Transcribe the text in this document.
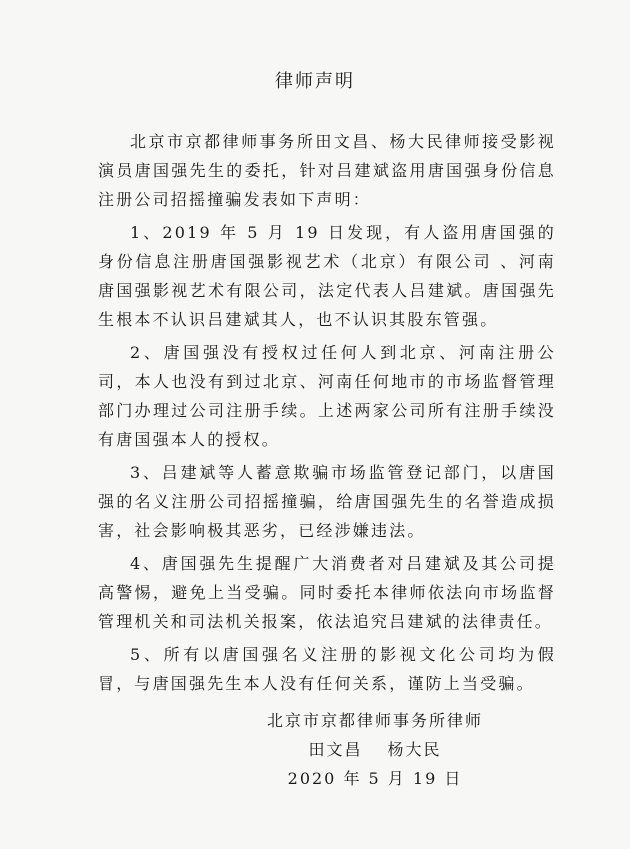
律师声明

北京市京都律师事务所田文昌、杨大民律师接受影视演员唐国强先生的委托，针对吕建斌盗用唐国强身份信息注册公司招摇撞骗发表如下声明：

1、2019 年 5 月 19 日发现，有人盗用唐国强的身份信息注册唐国强影视艺术（北京）有限公司 、河南唐国强影视艺术有限公司，法定代表人吕建斌。唐国强先生根本不认识吕建斌其人，也不认识其股东管强。

2、唐国强没有授权过任何人到北京、河南注册公司，本人也没有到过北京、河南任何地市的市场监督管理部门办理过公司注册手续。上述两家公司所有注册手续没有唐国强本人的授权。

3、吕建斌等人蓄意欺骗市场监管登记部门，以唐国强的名义注册公司招摇撞骗，给唐国强先生的名誉造成损害，社会影响极其恶劣，已经涉嫌违法。

4、唐国强先生提醒广大消费者对吕建斌及其公司提高警惕，避免上当受骗。同时委托本律师依法向市场监督管理机关和司法机关报案，依法追究吕建斌的法律责任。

5、所有以唐国强名义注册的影视文化公司均为假冒，与唐国强先生本人没有任何关系，谨防上当受骗。

北京市京都律师事务所律师
田文昌　 杨大民
2020 年 5 月 19 日
